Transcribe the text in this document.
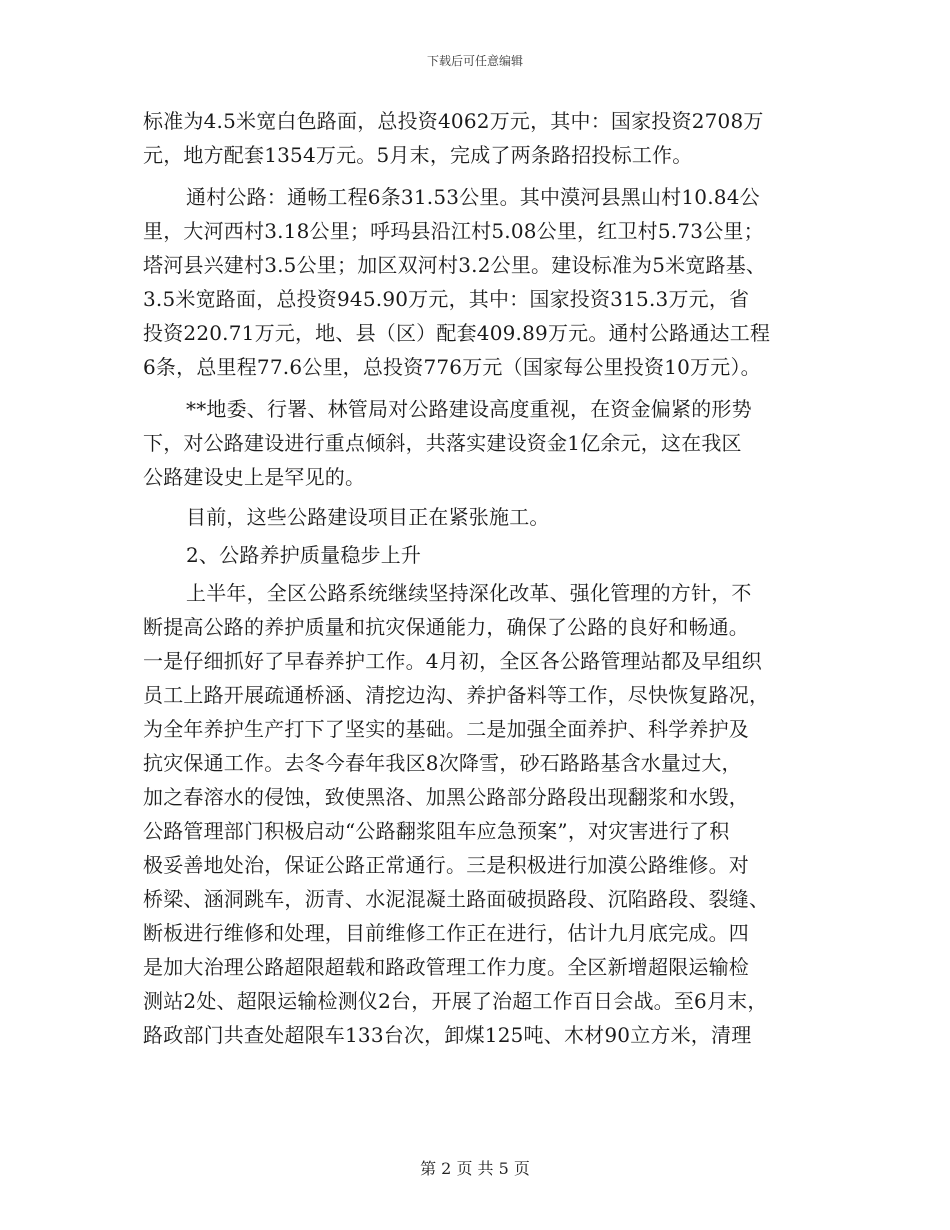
下载后可任意编辑
标准为4.5米宽白色路面，总投资4062万元，其中：国家投资2708万
元，地方配套1354万元。5月末，完成了两条路招投标工作。
通村公路：通畅工程6条31.53公里。其中漠河县黑山村10.84公
里，大河西村3.18公里；呼玛县沿江村5.08公里，红卫村5.73公里；
塔河县兴建村3.5公里；加区双河村3.2公里。建设标准为5米宽路基、
3.5米宽路面，总投资945.90万元，其中：国家投资315.3万元，省
投资220.71万元，地、县（区）配套409.89万元。通村公路通达工程
6条，总里程77.6公里，总投资776万元（国家每公里投资10万元）。
**地委、行署、林管局对公路建设高度重视，在资金偏紧的形势
下，对公路建设进行重点倾斜，共落实建设资金1亿余元，这在我区
公路建设史上是罕见的。
目前，这些公路建设项目正在紧张施工。
2、公路养护质量稳步上升
上半年，全区公路系统继续坚持深化改革、强化管理的方针，不
断提高公路的养护质量和抗灾保通能力，确保了公路的良好和畅通。
一是仔细抓好了早春养护工作。4月初，全区各公路管理站都及早组织
员工上路开展疏通桥涵、清挖边沟、养护备料等工作，尽快恢复路况，
为全年养护生产打下了坚实的基础。二是加强全面养护、科学养护及
抗灾保通工作。去冬今春年我区8次降雪，砂石路路基含水量过大，
加之春溶水的侵蚀，致使黑洛、加黑公路部分路段出现翻浆和水毁，
公路管理部门积极启动“公路翻浆阻车应急预案”，对灾害进行了积
极妥善地处治，保证公路正常通行。三是积极进行加漠公路维修。对
桥梁、涵洞跳车，沥青、水泥混凝土路面破损路段、沉陷路段、裂缝、
断板进行维修和处理，目前维修工作正在进行，估计九月底完成。四
是加大治理公路超限超载和路政管理工作力度。全区新增超限运输检
测站2处、超限运输检测仪2台，开展了治超工作百日会战。至6月末，
路政部门共查处超限车133台次，卸煤125吨、木材90立方米，清理
第 2 页 共 5 页
